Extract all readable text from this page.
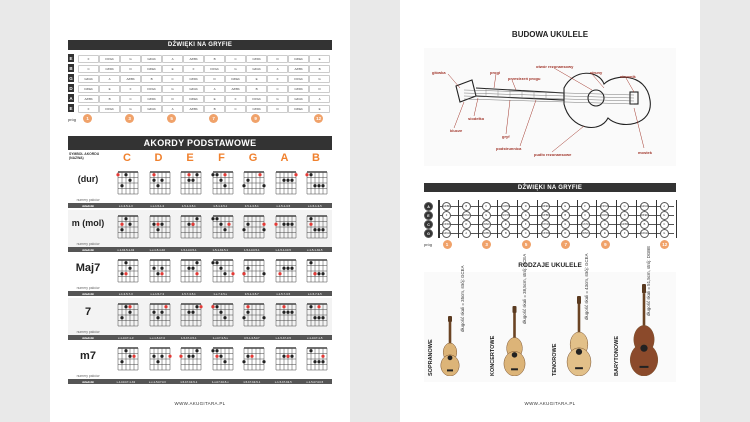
DŹWIĘKI NA GRYFIE
E	F	F#/Gb	G	G#/Ab	A	A#/Bb	B	C	C#/Db	D	D#/Eb	E
B	C	C#/Db	D	D#/Eb	E	F	F#/Gb	G	G#/Ab	A	A#/Bb	B
G	G#/Ab	A	A#/Bb	B	C	C#/Db	D	D#/Eb	E	F	F#/Gb	G
D	D#/Eb	E	F	F#/Gb	G	G#/Ab	A	A#/Bb	B	C	C#/Db	D
A	A#/Bb	B	C	C#/Db	D	D#/Eb	E	F	F#/Gb	G	G#/Ab	A
E	F	F#/Gb	G	G#/Ab	A	A#/Bb	B	C	C#/Db	D	D#/Eb	E
próg	1	3	5	7	9	12
AKORDY PODSTAWOWE
SYMBOL AKORDU (NAZWA)	C	D	E	F	G	A	B
(dur)
numery palców
składniki	x-1-3-5-1-3	x-x-1-5-1-3	1-5-1-3-5-1	1-5-1-3-5-1	3-5-1-3-5-1	x-1-5-1-3-5	x-1-5-1-3-5
m (mol)
numery palców
składniki	x-1-b3-5-1-b3	x-x-1-5-1-b3	1-5-1-b3-5-1	1-5-1-b3-5-1	1-5-1-b3-5-1	x-1-5-1-b3-5	x-1-5-1-b3-5
Maj7
numery palców
składniki	x-1-3-5-7-3	x-x-1-5-7-3	1-5-7-3-5-1	1-x-7-3-5-x	3-5-1-3-5-7	x-1-5-7-3-5	x-1-5-7-3-5
7
numery palców
składniki	x-1-3-b7-1-3	x-x-1-5-b7-3	1-5-b7-3-5-1	1-x-b7-3-5-x	3-5-1-3-5-b7	x-1-5-b7-3-5	x-1-3-b7-1-5
m7
numery palców
składniki	x-1-b3-b7-1-b3	x-x-1-5-b7-b3	1-5-b7-b3-5-1	1-x-b7-b3-5-x	1-5-b7-b3-5-1	x-1-5-b7-b3-5	x-1-5-b7-b3-5
WWW.AKUGITARA.PL
BUDOWA UKULELE
główka	progi
przestrzeń progu
otwór rezonansowy
struny
strunnik
klucze
siodełko
gryf
podstrunnica
pudło rezonansowe	mostek
DŹWIĘKI NA GRYFIE
A	A#/Bb	B	C	C#/Db	D	D#/Eb	E	F	F#/Gb	G	G#/Ab	A
E	F	F#/Gb	G	G#/Ab	A	A#/Bb	B	C	C#/Db	D	D#/Eb	E
C	C#/Db	D	D#/Eb	E	F	F#/Gb	G	G#/Ab	A	A#/Bb	B	C
G	G#/Ab	A	A#/Bb	B	C	C#/Db	D	D#/Eb	E	F	F#/Gb	G
próg	1	3	5	7	9	12
RODZAJE UKULELE
SOPRANOWE
długość skali = 35cm, strój: GCEA
KONCERTOWE
długość skali = 38,5cm, strój: GCEA
TENOROWE
długość skali = 43cm, strój: GCEA
BARYTONOWE
długość skali = 51,5cm, strój: DGBE
WWW.AKUGITARA.PL
